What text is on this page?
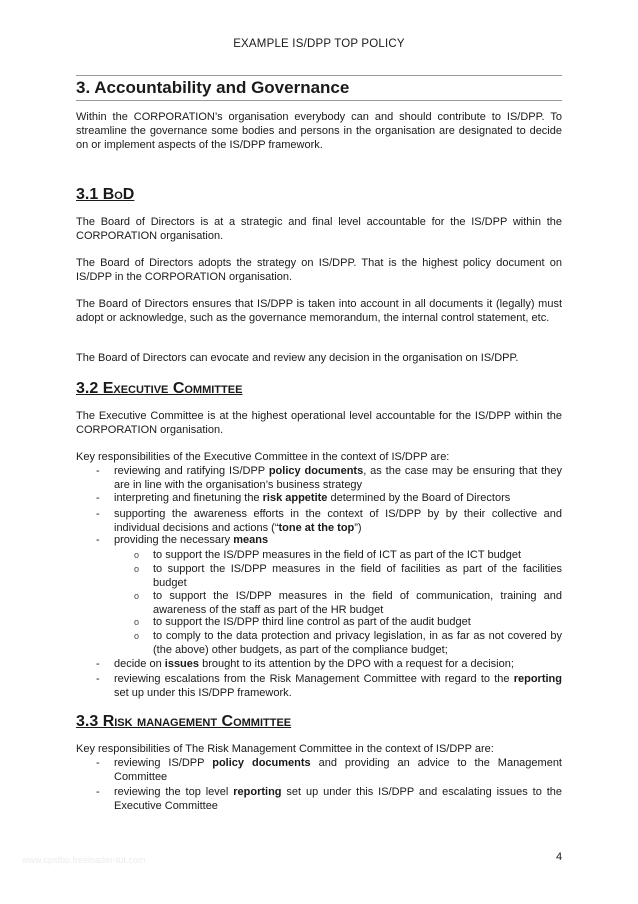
EXAMPLE IS/DPP TOP POLICY
3. Accountability and Governance

Within the CORPORATION’s organisation everybody can and should contribute to IS/DPP. To streamline the governance some bodies and persons in the organisation are designated to decide on or implement aspects of the IS/DPP framework.

3.1 BoD

The Board of Directors is at a strategic and final level accountable for the IS/DPP within the CORPORATION organisation.

The Board of Directors adopts the strategy on IS/DPP. That is the highest policy document on IS/DPP in the CORPORATION organisation.

The Board of Directors ensures that IS/DPP is taken into account in all documents it (legally) must adopt or acknowledge, such as the governance memorandum, the internal control statement, etc.

The Board of Directors can evocate and review any decision in the organisation on IS/DPP.

3.2 Executive Committee

The Executive Committee is at the highest operational level accountable for the IS/DPP within the CORPORATION organisation.

Key responsibilities of the Executive Committee in the context of IS/DPP are:

- reviewing and ratifying IS/DPP policy documents, as the case may be ensuring that they are in line with the organisation’s business strategy

- interpreting and finetuning the risk appetite determined by the Board of Directors

- supporting the awareness efforts in the context of IS/DPP by by their collective and individual decisions and actions (“tone at the top”)

- providing the necessary means

o to support the IS/DPP measures in the field of ICT as part of the ICT budget

o to support the IS/DPP measures in the field of facilities as part of the facilities budget

o to support the IS/DPP measures in the field of communication, training and awareness of the staff as part of the HR budget

o to support the IS/DPP third line control as part of the audit budget

o to comply to the data protection and privacy legislation, in as far as not covered by (the above) other budgets, as part of the compliance budget;

- decide on issues brought to its attention by the DPO with a request for a decision;

- reviewing escalations from the Risk Management Committee with regard to the reporting set up under this IS/DPP framework.

3.3 Risk management Committee

Key responsibilities of The Risk Management Committee in the context of IS/DPP are:

- reviewing IS/DPP policy documents and providing an advice to the Management Committee

- reviewing the top level reporting set up under this IS/DPP and escalating issues to the Executive Committee

www.cpsfbp.freeloader-tut.com	4
